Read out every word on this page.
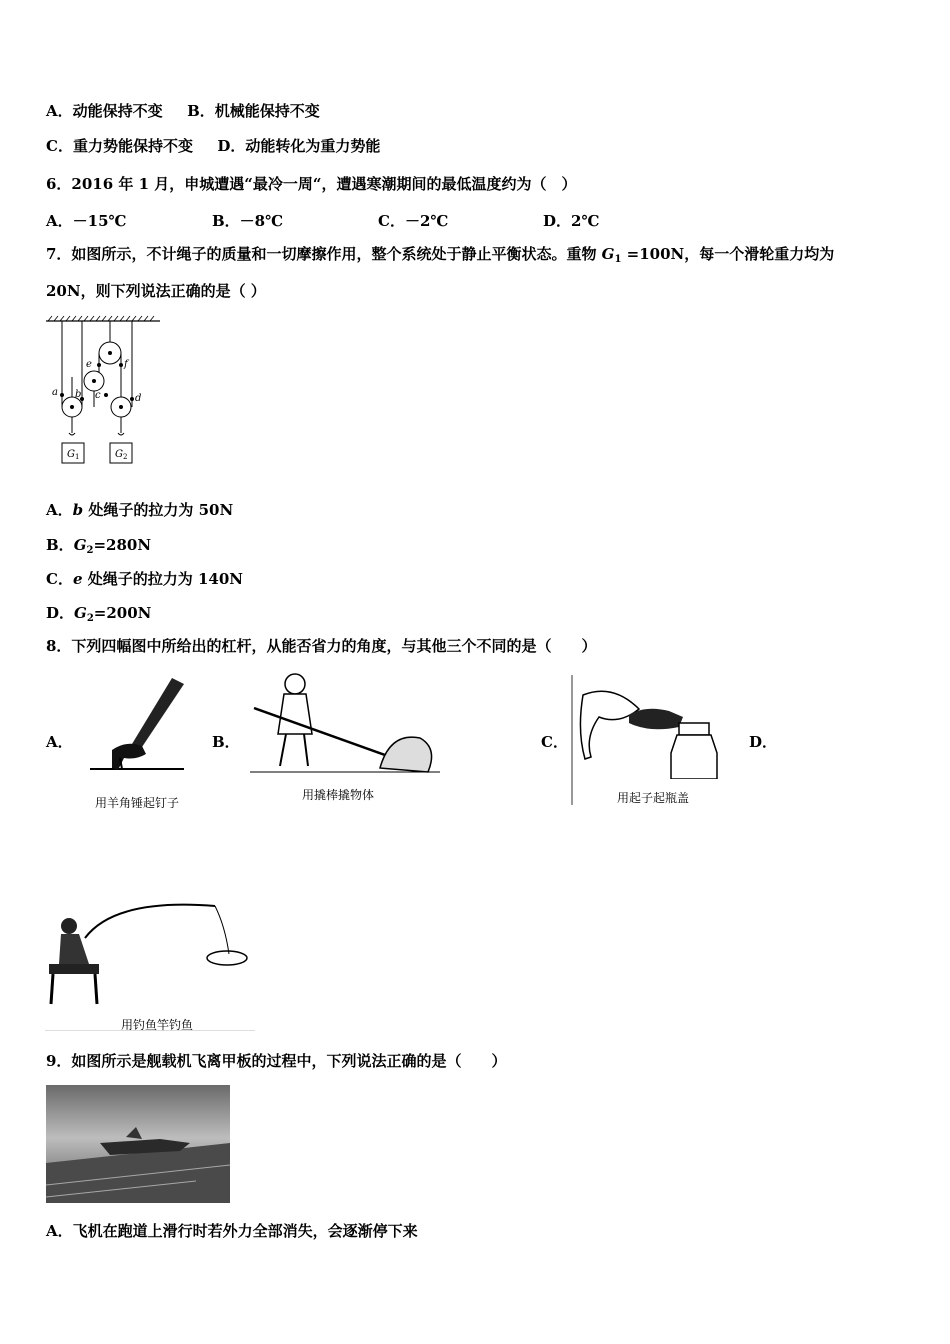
A．动能保持不变 B．机械能保持不变
C．重力势能保持不变 D．动能转化为重力势能
6．2016 年 1 月，申城遭遇“最冷一周“，遭遇寒潮期间的最低温度约为（　）
A．－15℃	B．－8℃	C．－2℃	D．2℃
7．如图所示，不计绳子的质量和一切摩擦作用，整个系统处于静止平衡状态。重物 $G_1 =100N$，每一个滑轮重力均为
20N，则下列说法正确的是（ ）
a b c	d
e	f
$G_1$	$G_2$
A．b 处绳子的拉力为 50N
B．$G_2=280N$
C．e 处绳子的拉力为 140N
D．$G_2=200N$
8．下列四幅图中所给出的杠杆，从能否省力的角度，与其他三个不同的是（　　）
A．	B．	C．	D．
用羊角锤起钉子
用撬棒撬物体	用起子起瓶盖
用钓鱼竿钓鱼
9．如图所示是舰载机飞离甲板的过程中，下列说法正确的是（　　）
A．飞机在跑道上滑行时若外力全部消失，会逐渐停下来
